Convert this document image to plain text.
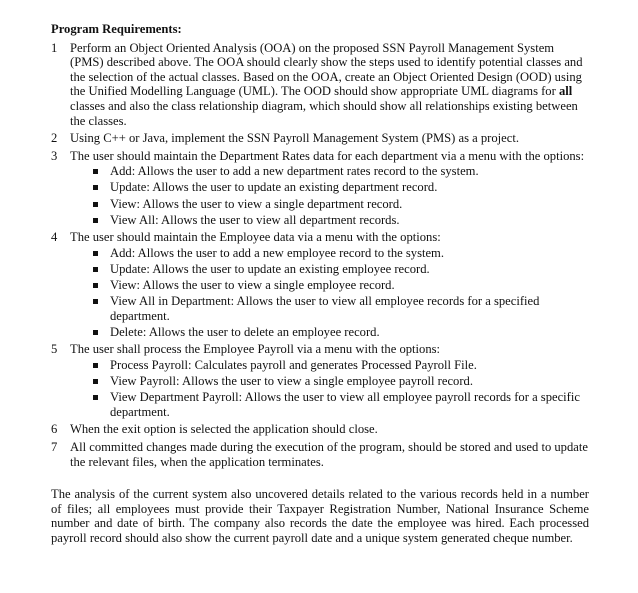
Program Requirements:
1 Perform an Object Oriented Analysis (OOA) on the proposed SSN Payroll Management System (PMS) described above. The OOA should clearly show the steps used to identify potential classes and the selection of the actual classes. Based on the OOA, create an Object Oriented Design (OOD) using the Unified Modelling Language (UML). The OOD should show appropriate UML diagrams for all classes and also the class relationship diagram, which should show all relationships existing between the classes.
2 Using C++ or Java, implement the SSN Payroll Management System (PMS) as a project.
3 The user should maintain the Department Rates data for each department via a menu with the options:
Add: Allows the user to add a new department rates record to the system.
Update: Allows the user to update an existing department record.
View: Allows the user to view a single department record.
View All: Allows the user to view all department records.
4 The user should maintain the Employee data via a menu with the options:
Add: Allows the user to add a new employee record to the system.
Update: Allows the user to update an existing employee record.
View: Allows the user to view a single employee record.
View All in Department: Allows the user to view all employee records for a specified department.
Delete: Allows the user to delete an employee record.
5 The user shall process the Employee Payroll via a menu with the options:
Process Payroll: Calculates payroll and generates Processed Payroll File.
View Payroll: Allows the user to view a single employee payroll record.
View Department Payroll: Allows the user to view all employee payroll records for a specific department.
6 When the exit option is selected the application should close.
7 All committed changes made during the execution of the program, should be stored and used to update the relevant files, when the application terminates.
The analysis of the current system also uncovered details related to the various records held in a number of files; all employees must provide their Taxpayer Registration Number, National Insurance Scheme number and date of birth. The company also records the date the employee was hired. Each processed payroll record should also show the current payroll date and a unique system generated cheque number.
